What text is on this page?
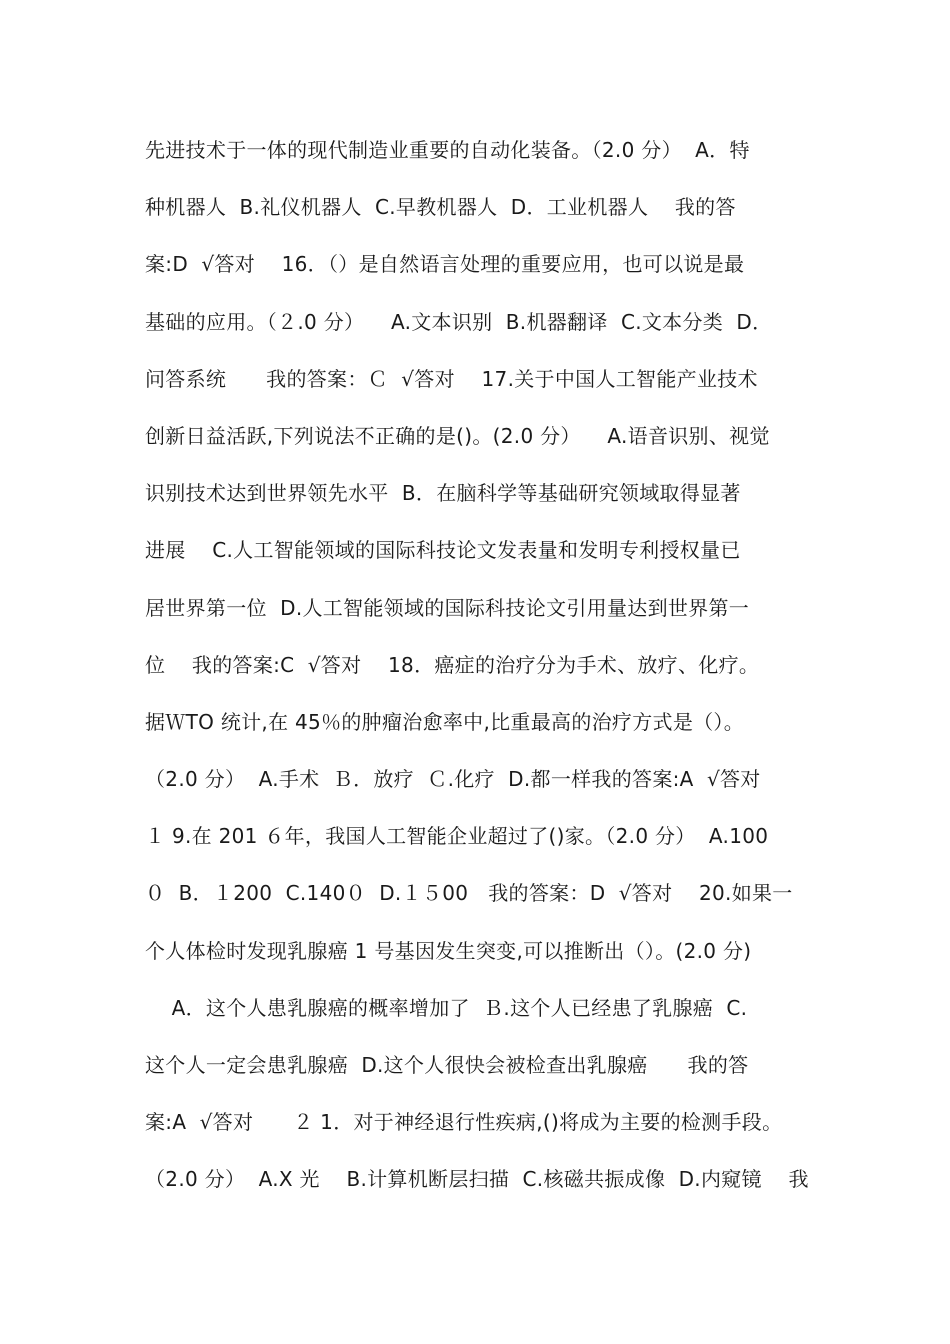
先进技术于一体的现代制造业重要的自动化装备。（2.0 分）  A．特
种机器人  B.礼仪机器人  C.早教机器人  D．工业机器人    我的答
案:D  √答对    16．（）是自然语言处理的重要应用，也可以说是最
基础的应用。（２.0 分）    A.文本识别  B.机器翻译  C.文本分类  D．
问答系统      我的答案：Ｃ  √答对    17.关于中国人工智能产业技术
创新日益活跃,下列说法不正确的是()。(2.0 分）    A.语音识别、视觉
识别技术达到世界领先水平  B．在脑科学等基础研究领域取得显著
进展    C.人工智能领域的国际科技论文发表量和发明专利授权量已
居世界第一位  D.人工智能领域的国际科技论文引用量达到世界第一
位    我的答案:C  √答对    18．癌症的治疗分为手术、放疗、化疗。
据ＷTO 统计,在 45％的肿瘤治愈率中,比重最高的治疗方式是（）。
（2.0 分）  A.手术  Ｂ．放疗  Ｃ.化疗  D.都一样我的答案:A  √答对
１ 9.在 201 ６年，我国人工智能企业超过了()家。（2.0 分）  A.100
０  B．１200  C.140０  D.１５00   我的答案：D  √答对    20.如果一
个人体检时发现乳腺癌 1 号基因发生突变,可以推断出（）。(2.0 分)
A．这个人患乳腺癌的概率增加了  Ｂ.这个人已经患了乳腺癌  C.
这个人一定会患乳腺癌  D.这个人很快会被检查出乳腺癌      我的答
案:A  √答对      ２ 1．对于神经退行性疾病,()将成为主要的检测手段。
（2.0 分）  A.X 光    B.计算机断层扫描  C.核磁共振成像  D.内窥镜    我
